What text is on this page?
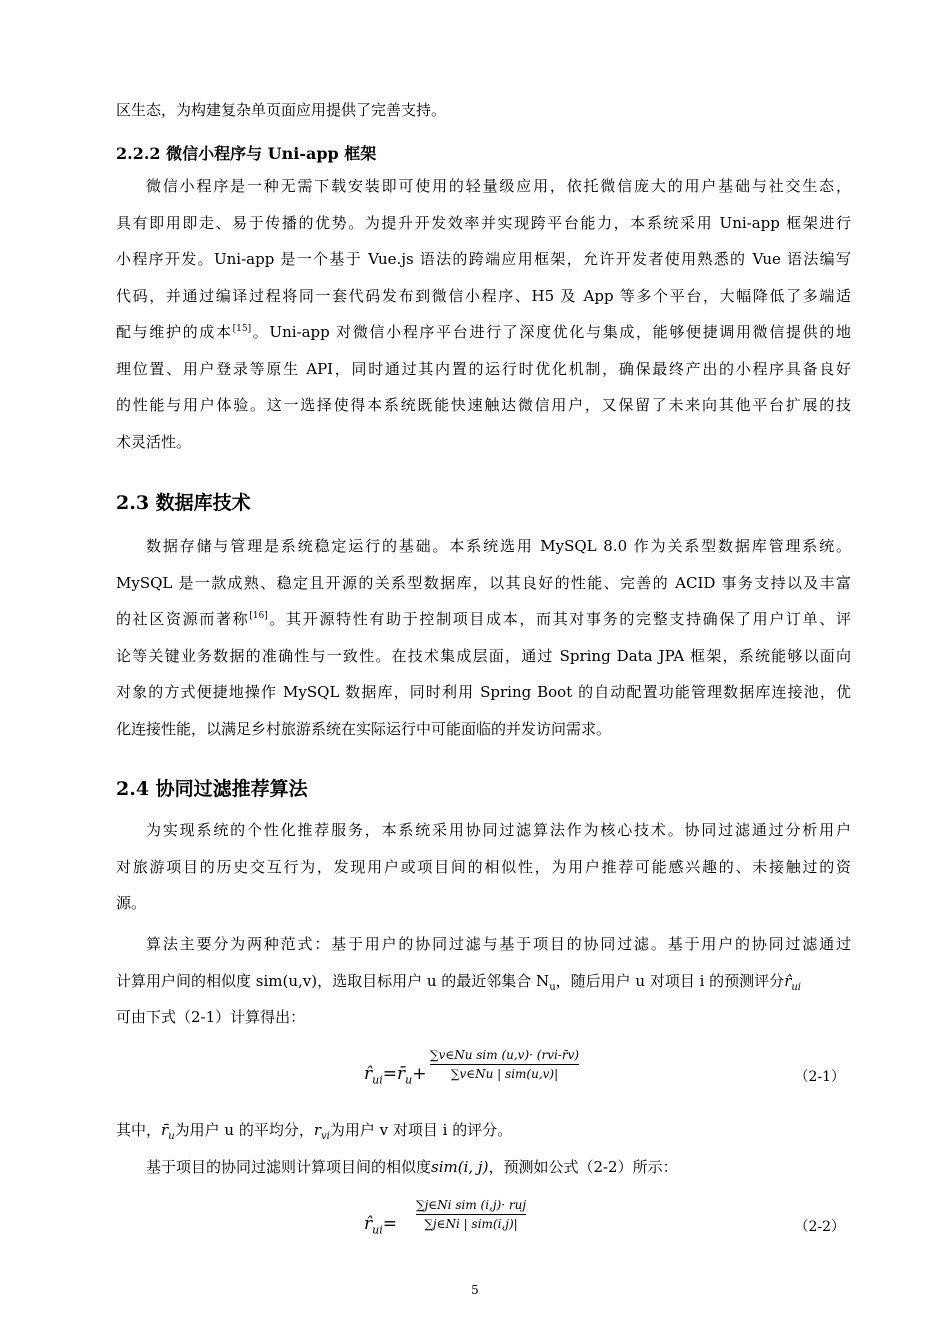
区生态，为构建复杂单页面应用提供了完善支持。
2.2.2 微信小程序与 Uni-app 框架
微信小程序是一种无需下载安装即可使用的轻量级应用，依托微信庞大的用户基础与社交生态，
具有即用即走、易于传播的优势。为提升开发效率并实现跨平台能力，本系统采用 Uni-app 框架进行
小程序开发。Uni-app 是一个基于 Vue.js 语法的跨端应用框架，允许开发者使用熟悉的 Vue 语法编写
代码，并通过编译过程将同一套代码发布到微信小程序、H5 及 App 等多个平台，大幅降低了多端适
配与维护的成本[15]。Uni-app 对微信小程序平台进行了深度优化与集成，能够便捷调用微信提供的地
理位置、用户登录等原生 API，同时通过其内置的运行时优化机制，确保最终产出的小程序具备良好
的性能与用户体验。这一选择使得本系统既能快速触达微信用户，又保留了未来向其他平台扩展的技
术灵活性。
2.3 数据库技术
数据存储与管理是系统稳定运行的基础。本系统选用 MySQL 8.0 作为关系型数据库管理系统。
MySQL 是一款成熟、稳定且开源的关系型数据库，以其良好的性能、完善的 ACID 事务支持以及丰富
的社区资源而著称[16]。其开源特性有助于控制项目成本，而其对事务的完整支持确保了用户订单、评
论等关键业务数据的准确性与一致性。在技术集成层面，通过 Spring Data JPA 框架，系统能够以面向
对象的方式便捷地操作 MySQL 数据库，同时利用 Spring Boot 的自动配置功能管理数据库连接池，优
化连接性能，以满足乡村旅游系统在实际运行中可能面临的并发访问需求。
2.4 协同过滤推荐算法
为实现系统的个性化推荐服务，本系统采用协同过滤算法作为核心技术。协同过滤通过分析用户
对旅游项目的历史交互行为，发现用户或项目间的相似性，为用户推荐可能感兴趣的、未接触过的资
源。
算法主要分为两种范式：基于用户的协同过滤与基于项目的协同过滤。基于用户的协同过滤通过
计算用户间的相似度 sim(u,v)，选取目标用户 u 的最近邻集合 $N_u$，随后用户 u 对项目 i 的预测评分$r̂_{ui}$
可由下式（2-1）计算得出：
$r̂_{ui}=r̄_u+$
∑v∈Nu sim (u,v)· (rvi-r̄v)
∑v∈Nu | sim(u,v)|	（2-1）
其中，$r̄_u$为用户 u 的平均分，$r_{vi}$为用户 v 对项目 i 的评分。
基于项目的协同过滤则计算项目间的相似度sim(i, j)，预测如公式（2-2）所示：
$r̂_{ui}=$
∑j∈Ni sim (i,j)· ruj
∑j∈Ni | sim(i,j)|	（2-2）
5
